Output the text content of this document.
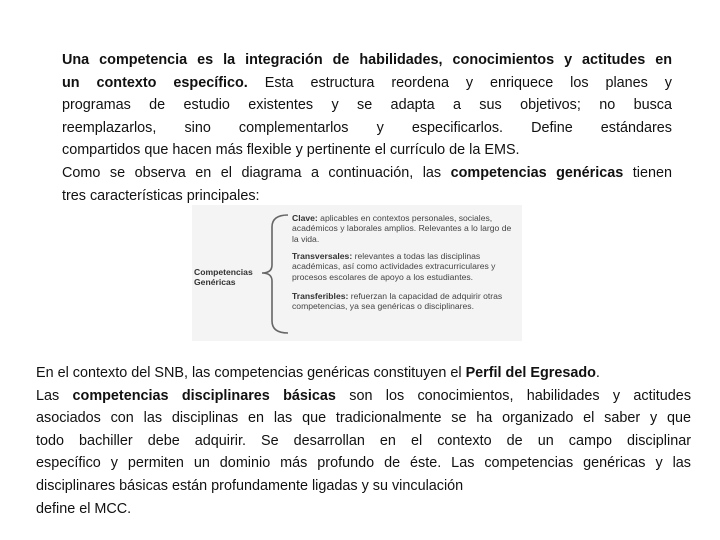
Una competencia es la integración de habilidades, conocimientos y actitudes en
un contexto específico. Esta estructura reordena y enriquece los planes y
programas de estudio existentes y se adapta a sus objetivos; no busca
reemplazarlos, sino complementarlos y especificarlos. Define estándares
compartidos que hacen más flexible y pertinente el currículo de la EMS.
Como se observa en el diagrama a continuación, las competencias genéricas tienen
tres características principales:
Competencias
Genéricas
Clave: aplicables en contextos personales, sociales, académicos y laborales amplios. Relevantes a lo largo de la vida.
Transversales: relevantes a todas las disciplinas académicas, así como actividades extracurriculares y procesos escolares de apoyo a los estudiantes.
Transferibles: refuerzan la capacidad de adquirir otras competencias, ya sea genéricas o disciplinares.
En el contexto del SNB, las competencias genéricas constituyen el Perfil del Egresado.
Las competencias disciplinares básicas son los conocimientos, habilidades y actitudes
asociados con las disciplinas en las que tradicionalmente se ha organizado el saber y que
todo bachiller debe adquirir. Se desarrollan en el contexto de un campo disciplinar
específico y permiten un dominio más profundo de éste. Las competencias genéricas y las
disciplinares básicas están profundamente ligadas y su vinculación
define el MCC.
